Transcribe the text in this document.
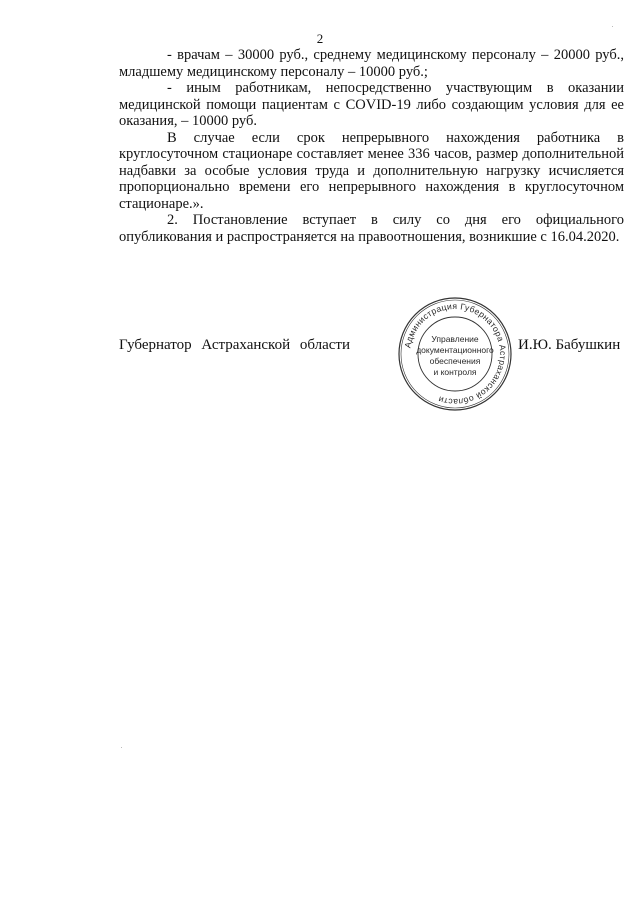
2

- врачам – 30000 руб., среднему медицинскому персоналу – 20000 руб., младшему медицинскому персоналу – 10000 руб.;

- иным работникам, непосредственно участвующим в оказании медицинской помощи пациентам с COVID-19 либо создающим условия для ее оказания, – 10000 руб.

В случае если срок непрерывного нахождения работника в круглосуточном стационаре составляет менее 336 часов, размер дополнительной надбавки за особые условия труда и дополнительную нагрузку исчисляется пропорционально времени его непрерывного нахождения в круглосуточном стационаре.».

2. Постановление вступает в силу со дня его официального опубликования и распространяется на правоотношения, возникшие с 16.04.2020.

Губернатор Астраханской области	Администрация Губернатора Астраханской области
Управление
документационного
обеспечения
и контроля
И.Ю. Бабушкин
